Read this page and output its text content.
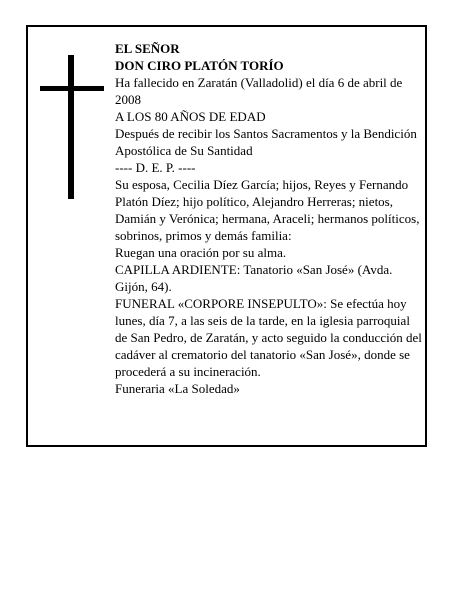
EL SEÑOR

DON CIRO PLATÓN TORÍO

Ha fallecido en Zaratán (Valladolid) el día 6 de abril de 2008

A LOS 80 AÑOS DE EDAD

Después de recibir los Santos Sacramentos y la Bendición Apostólica de Su Santidad

---- D. E. P. ----

Su esposa, Cecilia Díez García; hijos, Reyes y Fernando Platón Díez; hijo político, Alejandro Herreras; nietos, Damián y Verónica; hermana, Araceli; hermanos políticos, sobrinos, primos y demás familia:

Ruegan una oración por su alma.

CAPILLA ARDIENTE: Tanatorio «San José» (Avda. Gijón, 64).

FUNERAL «CORPORE INSEPULTO»: Se efectúa hoy lunes, día 7, a las seis de la tarde, en la iglesia parroquial de San Pedro, de Zaratán, y acto seguido la conducción del cadáver al crematorio del tanatorio «San José», donde se procederá a su incineración.

Funeraria «La Soledad»
